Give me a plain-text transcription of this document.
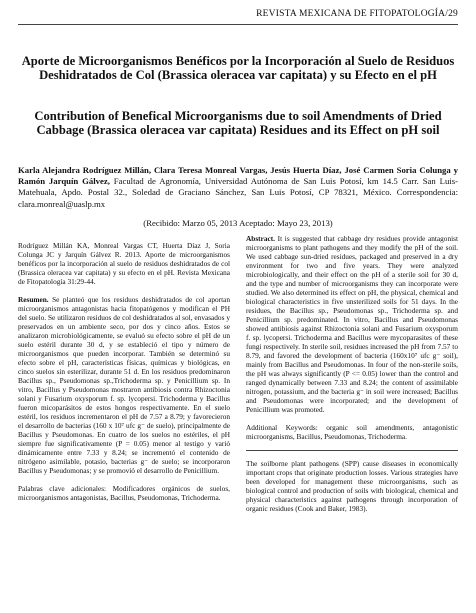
REVISTA MEXICANA DE FITOPATOLOGÍA/29
Aporte de Microorganismos Benéficos por la Incorporación al Suelo de Residuos Deshidratados de Col (Brassica oleracea var capitata) y su Efecto en el pH
Contribution of Benefical Microorganisms due to soil Amendments of Dried Cabbage (Brassica oleracea var capitata) Residues and its Effect on pH soil
Karla Alejandra Rodríguez Millán, Clara Teresa Monreal Vargas, Jesús Huerta Díaz, José Carmen Soria Colunga y Ramón Jarquín Gálvez, Facultad de Agronomía, Universidad Autónoma de San Luis Potosí, km 14.5 Carr. San Luis-Matehuala, Apdo. Postal 32., Soledad de Graciano Sánchez, San Luis Potosí, CP 78321, México. Correspondencia: clara.monreal@uaslp.mx
(Recibido: Marzo 05, 2013 Aceptado: Mayo 23, 2013)

Rodríguez Millán KA, Monreal Vargas CT, Huerta Díaz J, Soria Colunga JC y Jarquín Gálvez R. 2013. Aporte de microorganismos benéficos por la incorporación al suelo de residuos deshidratados de col (Brassica oleracea var capitata) y su efecto en el pH. Revista Mexicana de Fitopatología 31:29-44.

Resumen. Se planteó que los residuos deshidratados de col aportan microorganismos antagonistas hacia fitopatógenos y modifican el PH del suelo. Se utilizaron residuos de col deshidratados al sol, envasados y preservados en un ambiente seco, por dos y cinco años. Estos se analizaron microbiológicamente, se evaluó su efecto sobre el pH de un suelo estéril durante 30 d, y se estableció el tipo y número de microorganismos que pueden incorporar. También se determinó su efecto sobre el pH, características físicas, químicas y biológicas, en cinco suelos sin esterilizar, durante 51 d. En los residuos predominaron Bacillus sp., Pseudomonas sp.,Trichoderma sp. y Penicillium sp. In vitro, Bacillus y Pseudomonas mostraron antibiosis contra Rhizoctonia solani y Fusarium oxysporum f. sp. lycopersi. Trichoderma y Bacillus fueron micoparásitos de estos hongos respectivamente. En el suelo estéril, los residuos incrementaron el pH de 7.57 a 8.79; y favorecieron el desarrollo de bacterias (160 x 10⁷ ufc g⁻ de suelo), principalmente de Bacillus y Pseudomonas. En cuatro de los suelos no estériles, el pH siempre fue significativamente (P = 0.05) menor al testigo y varió dinámicamente entre 7.33 y 8.24; se incrementó el contenido de nitrógeno asimilable, potasio, bacterias g⁻ de suelo; se incorporaron Bacillus y Pseudomonas; y se promovió el desarrollo de Penicillium.

Palabras clave adicionales: Modificadores orgánicos de suelos, microorganismos antagonistas, Bacillus, Pseudomonas, Trichoderma.

Abstract. It is suggested that cabbage dry residues provide antagonist microorganisms to plant pathogens and they modify the pH of the soil. We used cabbage sun-dried residues, packaged and preserved in a dry environment for two and five years. They were analyzed microbiologically, and their effect on the pH of a sterile soil for 30 d, and the type and number of microorganisms they can incorporate were studied. We also determined its effect on pH, the physical, chemical and biological characteristics in five unsterilized soils for 51 days. In the residues, the Bacillus sp., Pseudomonas sp., Trichoderma sp. and Penicillium sp. predominated. In vitro, Bacillus and Pseudomonas showed antibiosis against Rhizoctonia solani and Fusarium oxysporum f. sp. lycopersi. Trichoderma and Bacillus were mycoparasites of these fungi respectively. In sterile soil, residues increased the pH from 7.57 to 8.79, and favored the development of bacteria (160x10⁷ ufc g⁻ soil), mainly from Bacillus and Pseudomonas. In four of the non-sterile soils, the pH was always significantly (P <= 0.05) lower than the control and ranged dynamically between 7.33 and 8.24; the content of assimilable nitrogen, potassium, and the bacteria g⁻ in soil were increased; Bacillus and Pseudomonas were incorporated; and the development of Penicillium was promoted.

Additional Keywords: organic soil amendments, antagonistic microorganisms, Bacillus, Pseudomonas, Trichoderma.

The soilborne plant pathogens (SPP) cause diseases in economically important crops that originate production losses. Various strategies have been developed for management these microorganisms, such as biological control and production of soils with biological, chemical and physical characteristics against pathogens through incorporation of organic residues (Cook and Baker, 1983).
